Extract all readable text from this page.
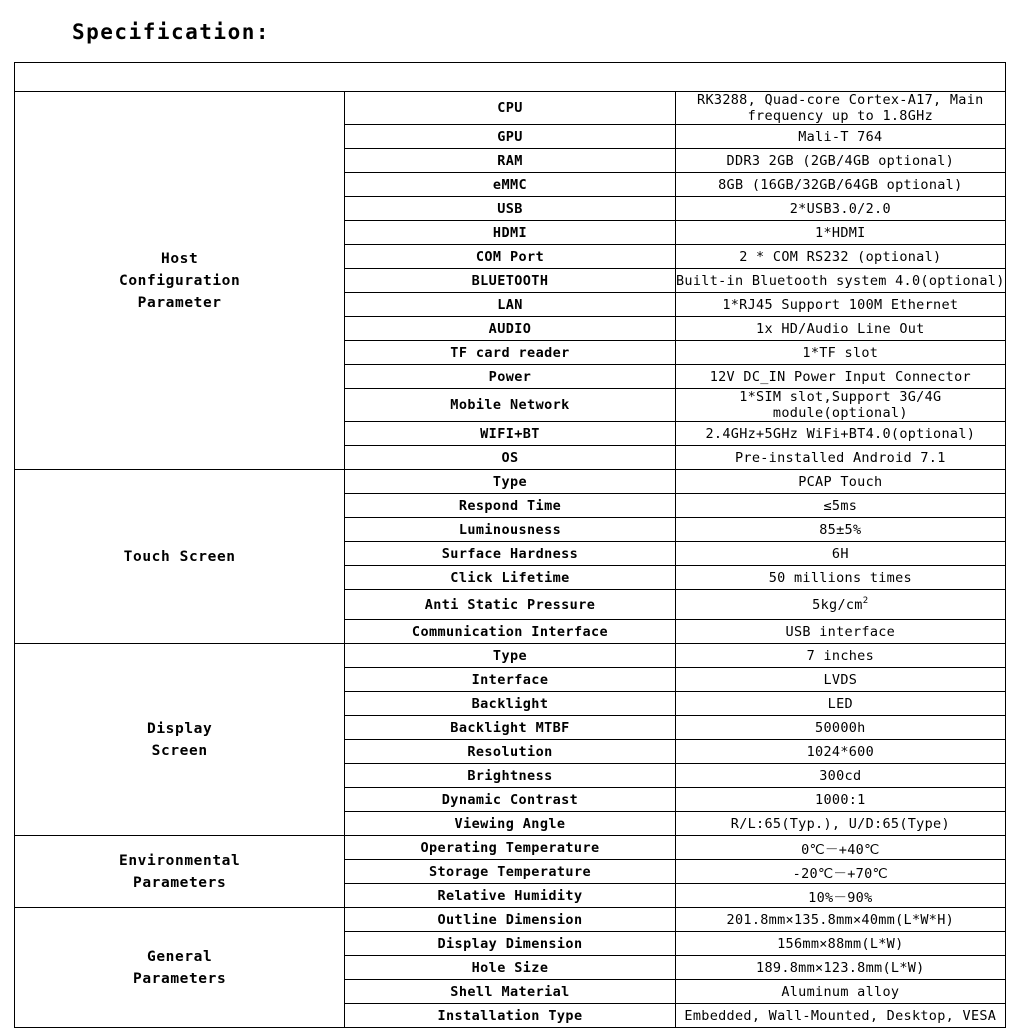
Specification:

Host
Configuration
Parameter	CPU	RK3288, Quad-core Cortex-A17, Main frequency up to 1.8GHz
	GPU	Mali-T 764
	RAM	DDR3 2GB (2GB/4GB optional)
	eMMC	8GB (16GB/32GB/64GB optional)
	USB	2*USB3.0/2.0
	HDMI	1*HDMI
	COM Port	2 * COM RS232 (optional)
	BLUETOOTH	Built-in Bluetooth system 4.0(optional)
	LAN	1*RJ45 Support 100M Ethernet
	AUDIO	1x HD/Audio Line Out
	TF card reader	1*TF slot
	Power	12V DC_IN Power Input Connector
	Mobile Network	1*SIM slot,Support 3G/4G module(optional)
	WIFI+BT	2.4GHz+5GHz WiFi+BT4.0(optional)
	OS	Pre-installed Android 7.1
Touch Screen	Type	PCAP Touch
	Respond Time	≤5ms
	Luminousness	85±5%
	Surface Hardness	6H
	Click Lifetime	50 millions times
	Anti Static Pressure	$5kg/cm^2$
	Communication Interface	USB interface
Display
Screen	Type	7 inches
	Interface	LVDS
	Backlight	LED
	Backlight MTBF	50000h
	Resolution	1024*600
	Brightness	300cd
	Dynamic Contrast	1000:1
	Viewing Angle	R/L:65(Typ.), U/D:65(Type)
Environmental
Parameters	Operating Temperature	0℃－+40℃
	Storage Temperature	-20℃－+70℃
	Relative Humidity	10%－90%
General
Parameters	Outline Dimension	201.8mm×135.8mm×40mm(L*W*H)
	Display Dimension	156mm×88mm(L*W)
	Hole Size	189.8mm×123.8mm(L*W)
	Shell Material	Aluminum alloy
	Installation Type	Embedded, Wall-Mounted, Desktop, VESA
